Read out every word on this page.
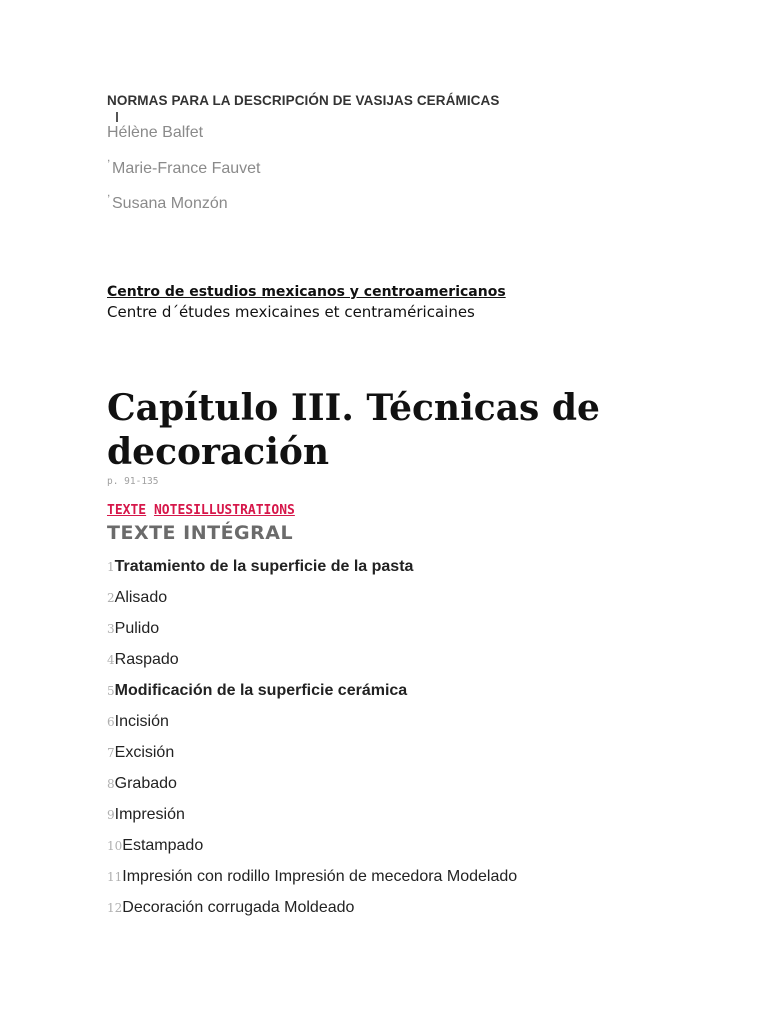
NORMAS PARA LA DESCRIPCIÓN DE VASIJAS CERÁMICAS
Hélène Balfet
,
Marie-France Fauvet
,
Susana Monzón
Centro de estudios mexicanos y centroamericanos
Centre d´études mexicaines et centraméricaines
Capítulo III. Técnicas de decoración
p. 91-135
TEXTE NOTESILLUSTRATIONS
TEXTE INTÉGRAL
1Tratamiento de la superficie de la pasta
2Alisado
3Pulido
4Raspado
5Modificación de la superficie cerámica
6Incisión
7Excisión
8Grabado
9Impresión
10Estampado
11Impresión con rodillo Impresión de mecedora Modelado
12Decoración corrugada Moldeado
